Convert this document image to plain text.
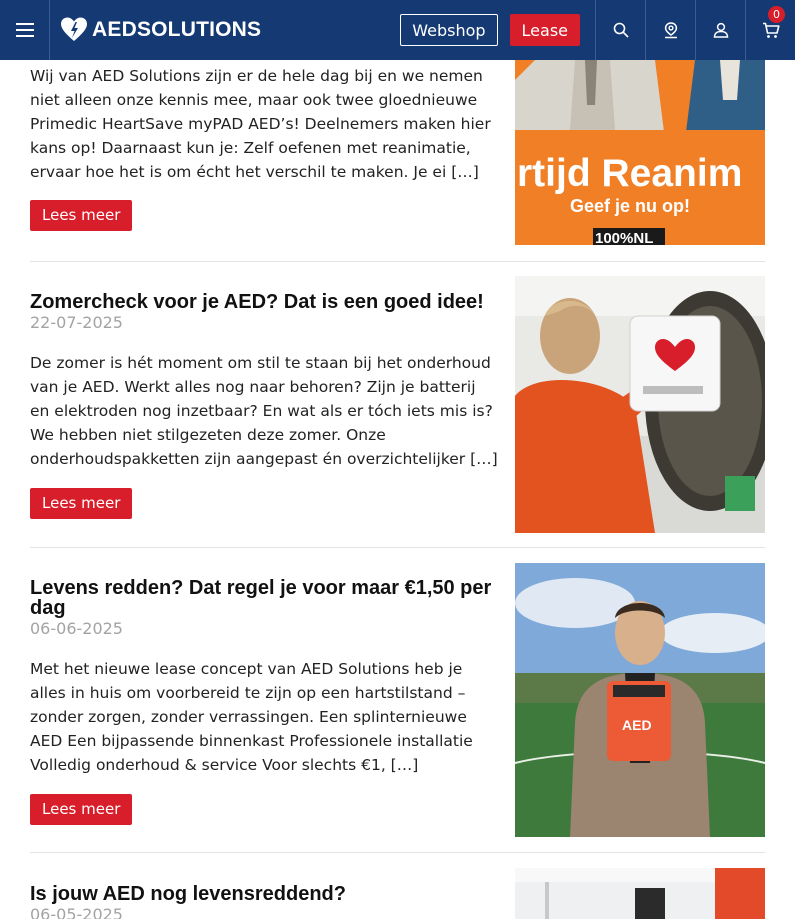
AEDSOLUTIONS	Webshop	Lease
0
Wij van AED Solutions zijn er de hele dag bij en we nemen niet alleen onze kennis mee, maar ook twee gloednieuwe Primedic HeartSave myPAD AED’s! Deelnemers maken hier kans op! Daarnaast kun je: Zelf oefenen met reanimatie, ervaar hoe het is om écht het verschil te maken. Je ei […]
Lees meer
rtijd Reanim
Geef je nu op!
100%NL
Zomercheck voor je AED? Dat is een goed idee!
22-07-2025
De zomer is hét moment om stil te staan bij het onderhoud van je AED. Werkt alles nog naar behoren? Zijn je batterij en elektroden nog inzetbaar? En wat als er tóch iets mis is? We hebben niet stilgezeten deze zomer. Onze onderhoudspakketten zijn aangepast én overzichtelijker […]
Lees meer
Levens redden? Dat regel je voor maar €1,50 per dag
06-06-2025
Met het nieuwe lease concept van AED Solutions heb je alles in huis om voorbereid te zijn op een hartstilstand – zonder zorgen, zonder verrassingen. Een splinternieuwe AED Een bijpassende binnenkast Professionele installatie Volledig onderhoud & service Voor slechts €1, […]
Lees meer
AED
Is jouw AED nog levensreddend?
06-05-2025
